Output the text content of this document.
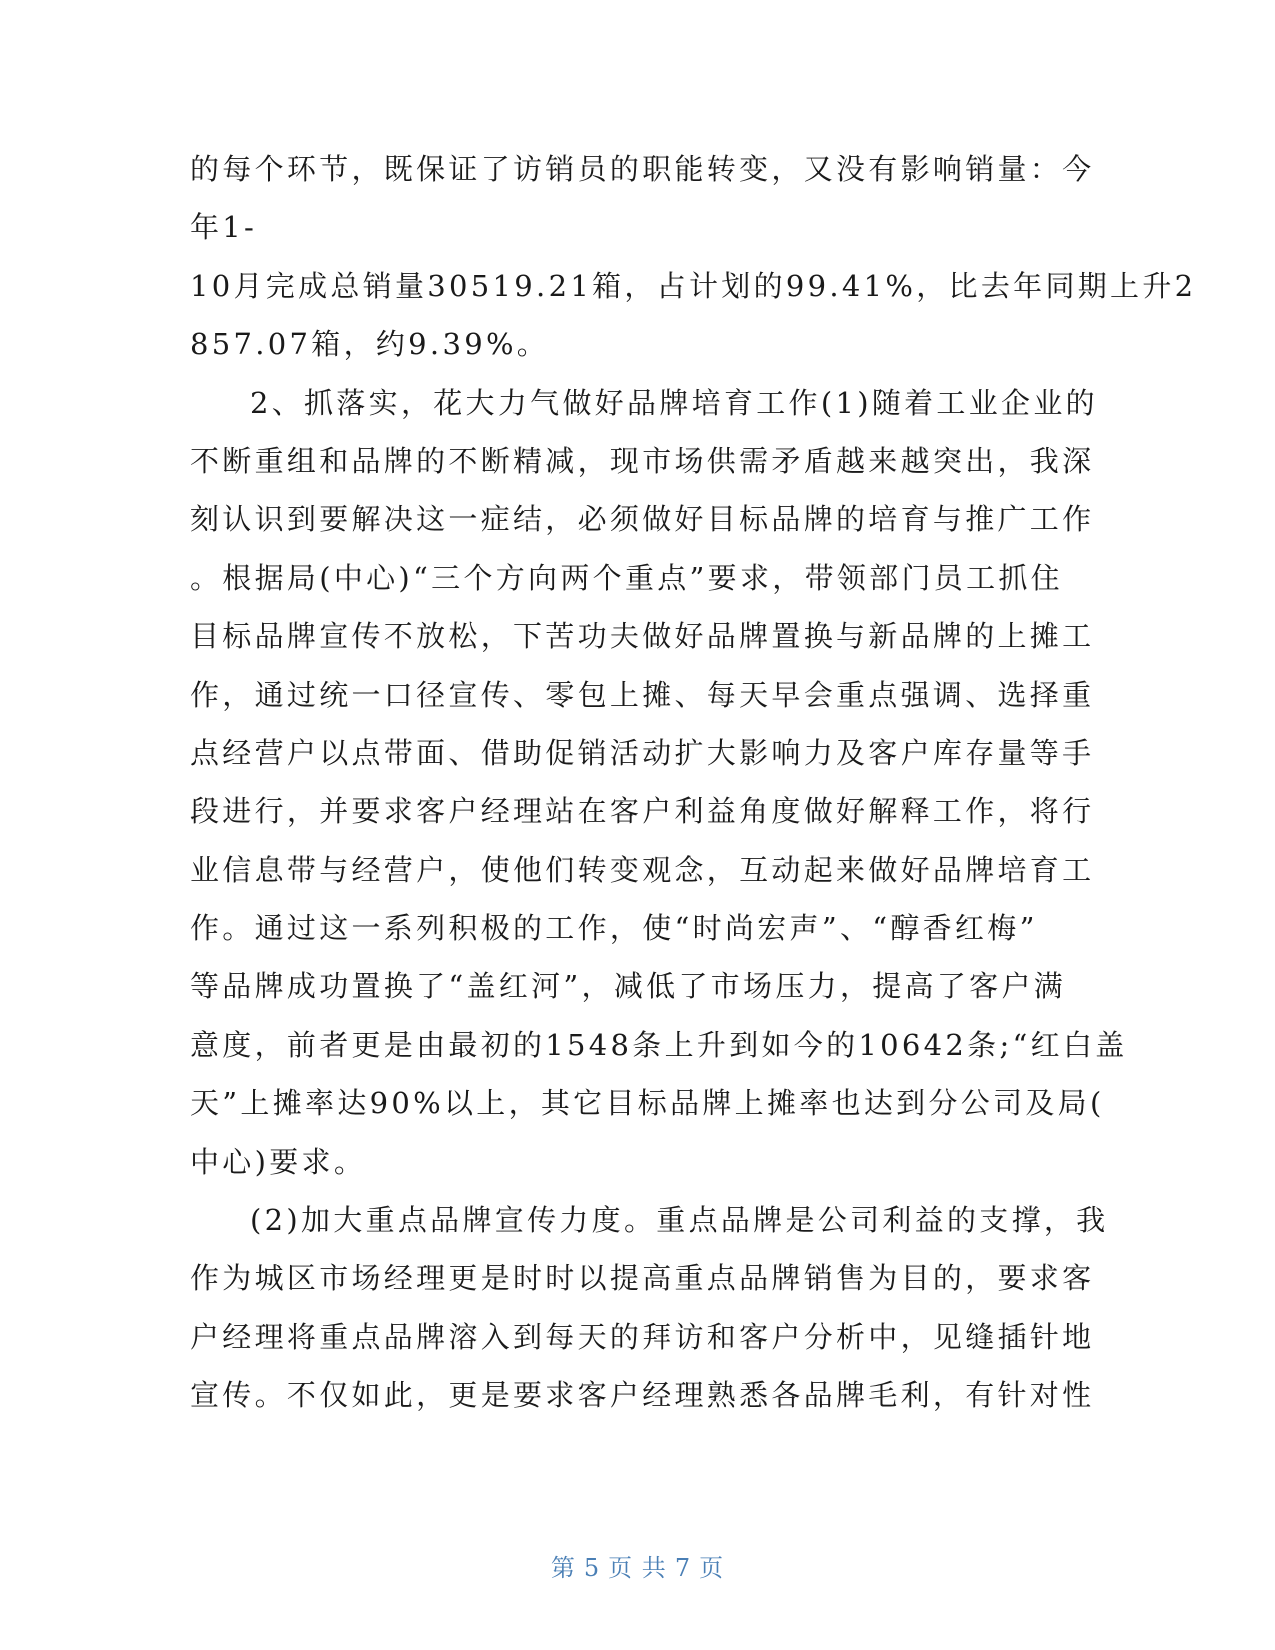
的每个环节，既保证了访销员的职能转变，又没有影响销量：今

年1-

10月完成总销量30519.21箱，占计划的99.41%，比去年同期上升2

857.07箱，约9.39%。

2、抓落实，花大力气做好品牌培育工作(1)随着工业企业的

不断重组和品牌的不断精减，现市场供需矛盾越来越突出，我深

刻认识到要解决这一症结，必须做好目标品牌的培育与推广工作

。根据局(中心)“三个方向两个重点”要求，带领部门员工抓住

目标品牌宣传不放松，下苦功夫做好品牌置换与新品牌的上摊工

作，通过统一口径宣传、零包上摊、每天早会重点强调、选择重

点经营户以点带面、借助促销活动扩大影响力及客户库存量等手

段进行，并要求客户经理站在客户利益角度做好解释工作，将行

业信息带与经营户，使他们转变观念，互动起来做好品牌培育工

作。通过这一系列积极的工作，使“时尚宏声”、“醇香红梅”

等品牌成功置换了“盖红河”，减低了市场压力，提高了客户满

意度，前者更是由最初的1548条上升到如今的10642条;“红白盖

天”上摊率达90%以上，其它目标品牌上摊率也达到分公司及局(

中心)要求。

(2)加大重点品牌宣传力度。重点品牌是公司利益的支撑，我

作为城区市场经理更是时时以提高重点品牌销售为目的，要求客

户经理将重点品牌溶入到每天的拜访和客户分析中，见缝插针地

宣传。不仅如此，更是要求客户经理熟悉各品牌毛利，有针对性

第 5 页 共 7 页
